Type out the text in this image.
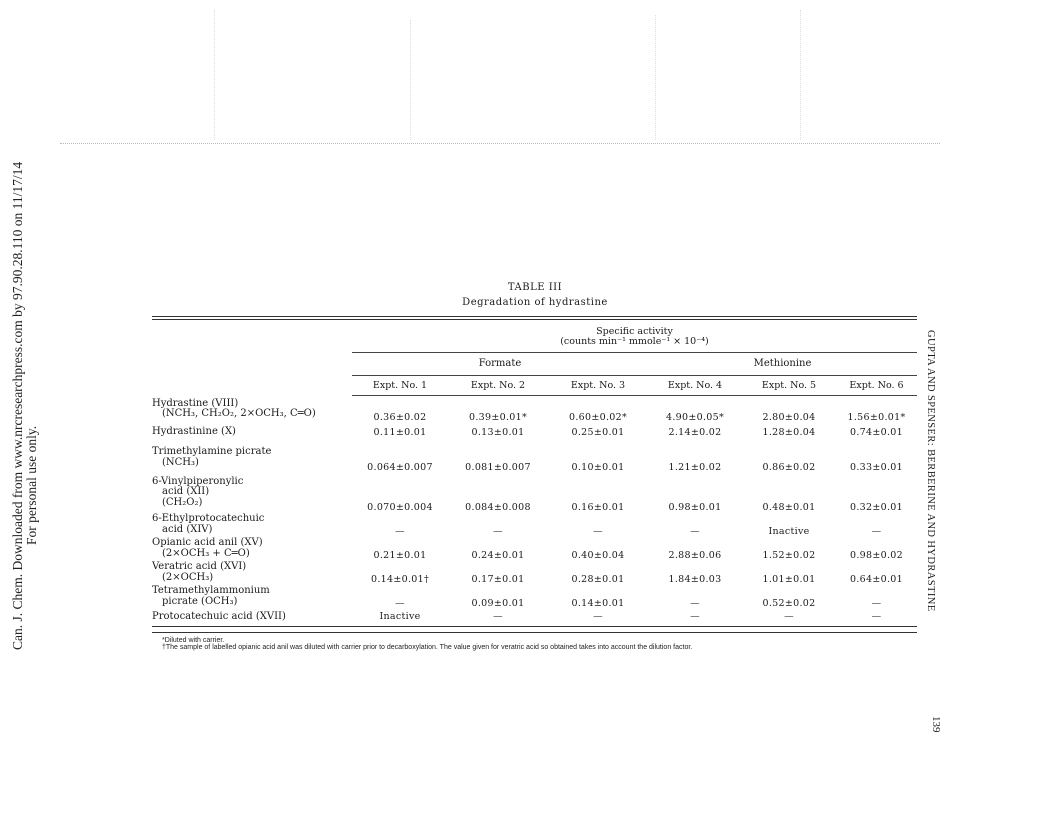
Can. J. Chem. Downloaded from www.nrcresearchpress.com by 97.90.28.110 on 11/17/14 For personal use only.	GUPTA AND SPENSER: BERBERINE AND HYDRASTINE
139
TABLE III
Degradation of hydrastine

	Specific activity
(counts min⁻¹ mmole⁻¹ × 10⁻⁴)					

	Formate			Methionine		
	Expt. No. 1	Expt. No. 2	Expt. No. 3	Expt. No. 4	Expt. No. 5	Expt. No. 6
Hydrastine (VIII)
(NCH₃, CH₂O₂, 2×OCH₃, C═O)	0.36±0.02	0.39±0.01*	0.60±0.02*	4.90±0.05*	2.80±0.04	1.56±0.01*
Hydrastinine (X)	0.11±0.01	0.13±0.01	0.25±0.01	2.14±0.02	1.28±0.04	0.74±0.01
Trimethylamine picrate
(NCH₃)	0.064±0.007	0.081±0.007	0.10±0.01	1.21±0.02	0.86±0.02	0.33±0.01
6-Vinylpiperonylic
acid (XII)
(CH₂O₂)	0.070±0.004	0.084±0.008	0.16±0.01	0.98±0.01	0.48±0.01	0.32±0.01
6-Ethylprotocatechuic
acid (XIV)	—	—	—	—	Inactive	—
Opianic acid anil (XV)
(2×OCH₃ + C═O)	0.21±0.01	0.24±0.01	0.40±0.04	2.88±0.06	1.52±0.02	0.98±0.02
Veratric acid (XVI)
(2×OCH₃)	0.14±0.01†	0.17±0.01	0.28±0.01	1.84±0.03	1.01±0.01	0.64±0.01
Tetramethylammonium
picrate (OCH₃)	—	0.09±0.01	0.14±0.01	—	0.52±0.02	—
Protocatechuic acid (XVII)	Inactive	—	—	—	—	—
*Diluted with carrier.
†The sample of labelled opianic acid anil was diluted with carrier prior to decarboxylation. The value given for veratric acid so obtained takes into account the dilution factor.
